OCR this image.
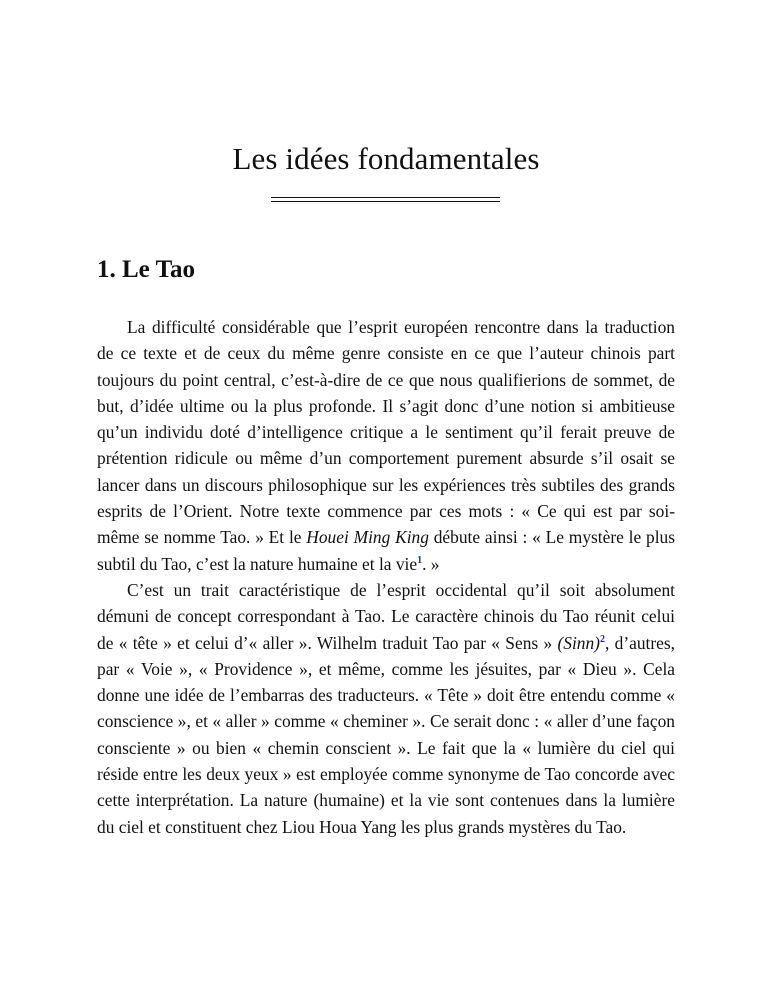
Les idées fondamentales
1. Le Tao

La difficulté considérable que l’esprit européen rencontre dans la traduction de ce texte et de ceux du même genre consiste en ce que l’auteur chinois part toujours du point central, c’est-à-dire de ce que nous qualifierions de sommet, de but, d’idée ultime ou la plus profonde. Il s’agit donc d’une notion si ambitieuse qu’un individu doté d’intelligence critique a le sentiment qu’il ferait preuve de prétention ridicule ou même d’un comportement purement absurde s’il osait se lancer dans un discours philosophique sur les expériences très subtiles des grands esprits de l’Orient. Notre texte commence par ces mots : « Ce qui est par soi-même se nomme Tao. » Et le Houei Ming King débute ainsi : « Le mystère le plus subtil du Tao, c’est la nature humaine et la vie$^1$. »

C’est un trait caractéristique de l’esprit occidental qu’il soit absolument démuni de concept correspondant à Tao. Le caractère chinois du Tao réunit celui de « tête » et celui d’« aller ». Wilhelm traduit Tao par « Sens » (Sinn)$^2$, d’autres, par « Voie », « Providence », et même, comme les jésuites, par « Dieu ». Cela donne une idée de l’embarras des traducteurs. « Tête » doit être entendu comme « conscience », et « aller » comme « cheminer ». Ce serait donc : « aller d’une façon consciente » ou bien « chemin conscient ». Le fait que la « lumière du ciel qui réside entre les deux yeux » est employée comme synonyme de Tao concorde avec cette interprétation. La nature (humaine) et la vie sont contenues dans la lumière du ciel et constituent chez Liou Houa Yang les plus grands mystères du Tao.
